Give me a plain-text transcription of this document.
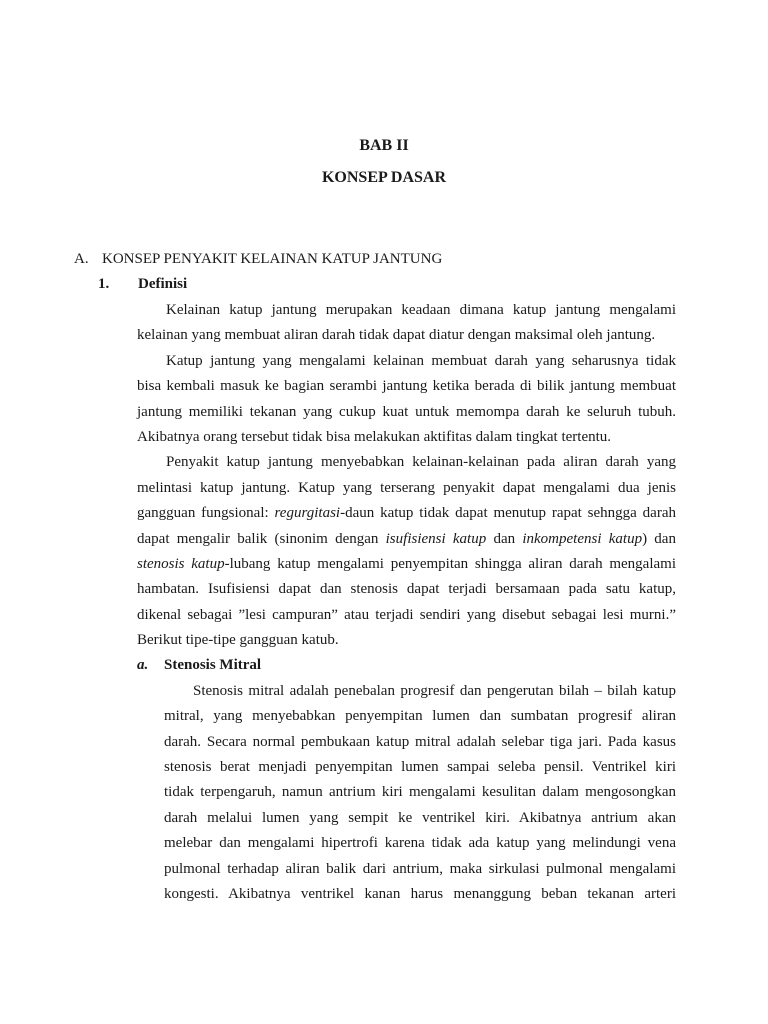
BAB II
KONSEP DASAR
A. KONSEP PENYAKIT KELAINAN KATUP JANTUNG
1. Definisi
Kelainan katup jantung merupakan keadaan dimana katup jantung mengalami
kelainan yang membuat aliran darah tidak dapat diatur dengan maksimal oleh jantung.
Katup jantung yang mengalami kelainan membuat darah yang seharusnya tidak
bisa kembali masuk ke bagian serambi jantung ketika berada di bilik jantung membuat
jantung memiliki tekanan yang cukup kuat untuk memompa darah ke seluruh tubuh.
Akibatnya orang tersebut tidak bisa melakukan aktifitas dalam tingkat tertentu.
Penyakit katup jantung menyebabkan kelainan-kelainan pada aliran darah yang
melintasi katup jantung. Katup yang terserang penyakit dapat mengalami dua jenis
gangguan fungsional: regurgitasi-daun katup tidak dapat menutup rapat sehngga darah
dapat mengalir balik (sinonim dengan isufisiensi katup dan inkompetensi katup) dan
stenosis katup-lubang katup mengalami penyempitan shingga aliran darah mengalami
hambatan. Isufisiensi dapat dan stenosis dapat terjadi bersamaan pada satu katup,
dikenal sebagai ”lesi campuran” atau terjadi sendiri yang disebut sebagai lesi murni.”
Berikut tipe-tipe gangguan katub.
a. Stenosis Mitral
Stenosis mitral adalah penebalan progresif dan pengerutan bilah – bilah katup
mitral, yang menyebabkan penyempitan lumen dan sumbatan progresif aliran
darah. Secara normal pembukaan katup mitral adalah selebar tiga jari. Pada kasus
stenosis berat menjadi penyempitan lumen sampai seleba pensil. Ventrikel kiri
tidak terpengaruh, namun antrium kiri mengalami kesulitan dalam mengosongkan
darah melalui lumen yang sempit ke ventrikel kiri. Akibatnya antrium akan
melebar dan mengalami hipertrofi karena tidak ada katup yang melindungi vena
pulmonal terhadap aliran balik dari antrium, maka sirkulasi pulmonal mengalami
kongesti. Akibatnya ventrikel kanan harus menanggung beban tekanan arteri
